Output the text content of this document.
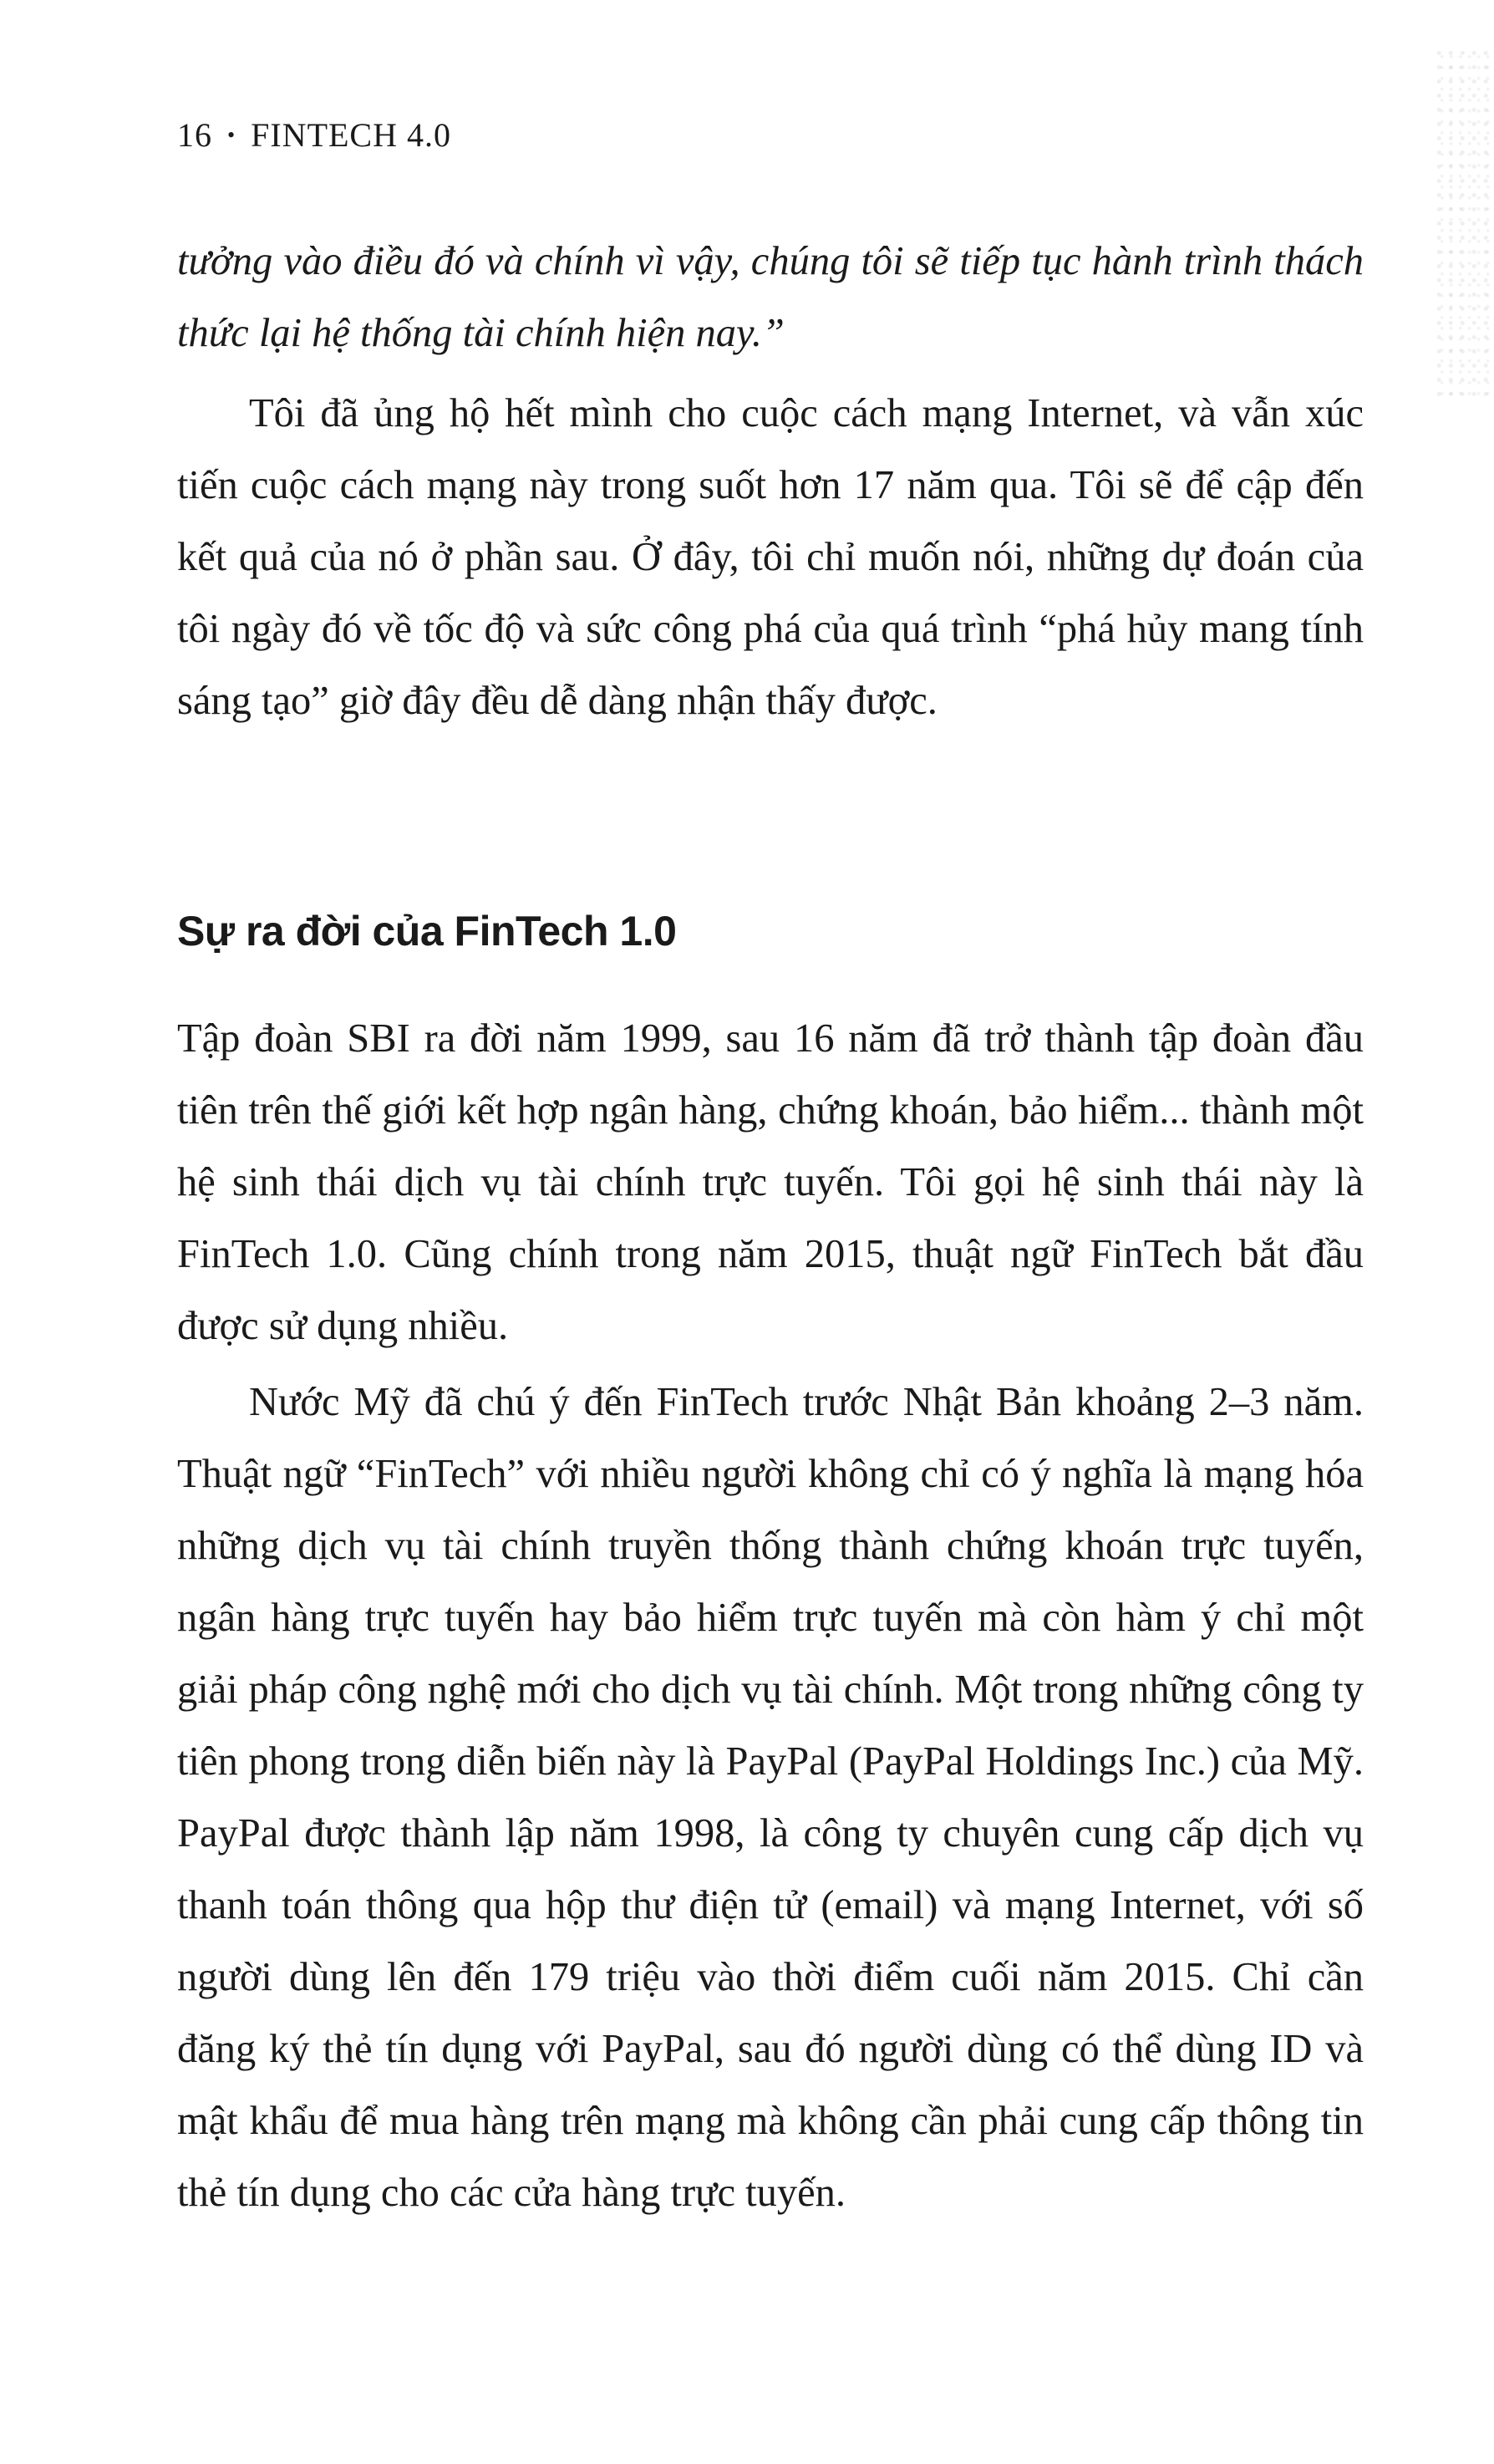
16 • FINTECH 4.0

tưởng vào điều đó và chính vì vậy, chúng tôi sẽ tiếp tục hành trình thách thức lại hệ thống tài chính hiện nay.”

Tôi đã ủng hộ hết mình cho cuộc cách mạng Internet, và vẫn xúc tiến cuộc cách mạng này trong suốt hơn 17 năm qua. Tôi sẽ để cập đến kết quả của nó ở phần sau. Ở đây, tôi chỉ muốn nói, những dự đoán của tôi ngày đó về tốc độ và sức công phá của quá trình “phá hủy mang tính sáng tạo” giờ đây đều dễ dàng nhận thấy được.

Sự ra đời của FinTech 1.0

Tập đoàn SBI ra đời năm 1999, sau 16 năm đã trở thành tập đoàn đầu tiên trên thế giới kết hợp ngân hàng, chứng khoán, bảo hiểm... thành một hệ sinh thái dịch vụ tài chính trực tuyến. Tôi gọi hệ sinh thái này là FinTech 1.0. Cũng chính trong năm 2015, thuật ngữ FinTech bắt đầu được sử dụng nhiều.

Nước Mỹ đã chú ý đến FinTech trước Nhật Bản khoảng 2–3 năm. Thuật ngữ “FinTech” với nhiều người không chỉ có ý nghĩa là mạng hóa những dịch vụ tài chính truyền thống thành chứng khoán trực tuyến, ngân hàng trực tuyến hay bảo hiểm trực tuyến mà còn hàm ý chỉ một giải pháp công nghệ mới cho dịch vụ tài chính. Một trong những công ty tiên phong trong diễn biến này là PayPal (PayPal Holdings Inc.) của Mỹ. PayPal được thành lập năm 1998, là công ty chuyên cung cấp dịch vụ thanh toán thông qua hộp thư điện tử (email) và mạng Internet, với số người dùng lên đến 179 triệu vào thời điểm cuối năm 2015. Chỉ cần đăng ký thẻ tín dụng với PayPal, sau đó người dùng có thể dùng ID và mật khẩu để mua hàng trên mạng mà không cần phải cung cấp thông tin thẻ tín dụng cho các cửa hàng trực tuyến.
